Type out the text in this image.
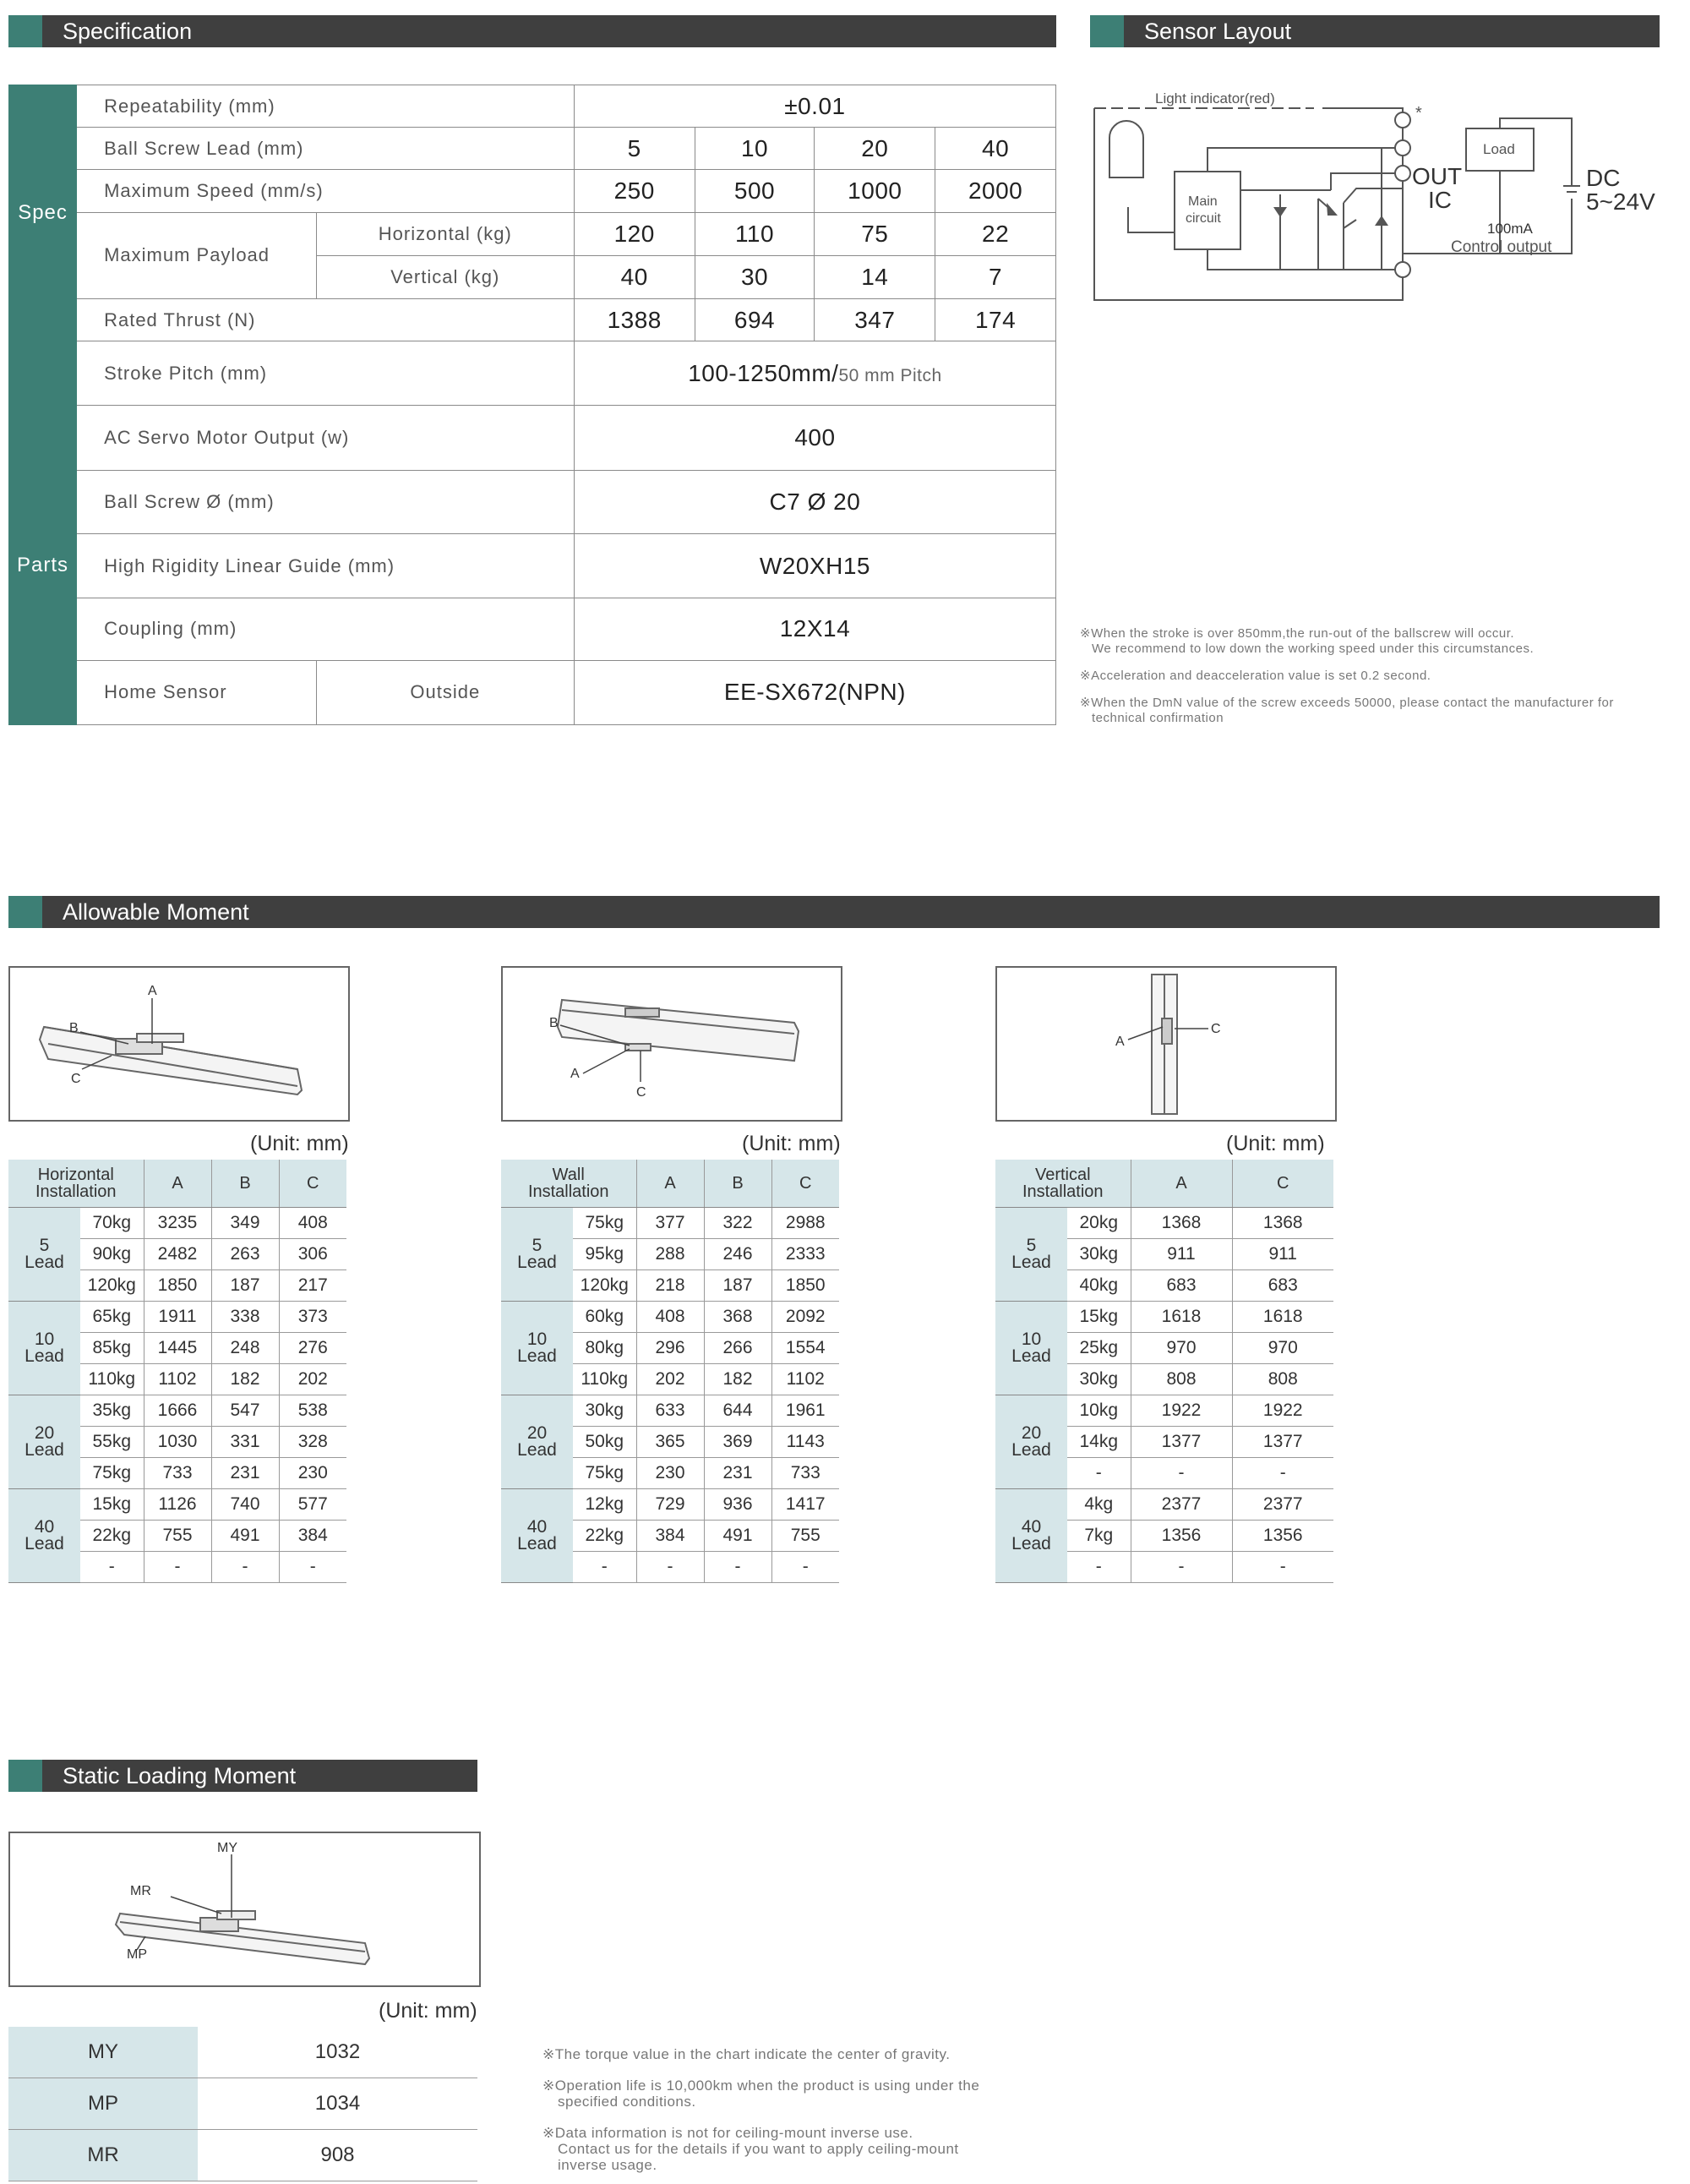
Specification	Sensor Layout
Allowable Moment
Static Loading Moment
Spec	Repeatability (mm)		±0.01			
	Ball Screw Lead (mm)		5	10	20	40
	Maximum Speed (mm/s)		250	500	1000	2000
	Maximum Payload	Horizontal (kg)	120	110	75	22
		Vertical (kg)	40	30	14	7
	Rated Thrust (N)		1388	694	347	174
	Stroke Pitch (mm)		100-1250mm/50 mm Pitch			
	AC Servo Motor Output (w)		400			
Parts	Ball Screw Ø (mm)		C7 Ø 20			
	High Rigidity Linear Guide (mm)		W20XH15			
	Coupling (mm)		12X14			
	Home Sensor	Outside	EE-SX672(NPN)			
Light indicator(red)
Main
circuit
Load
OUT
IC
100mA
Control output
DC
5~24V
*
※When the stroke is over 850mm,the run-out of the ballscrew will occur.
We recommend to low down the working speed under this circumstances.
※Acceleration and deacceleration value is set 0.2 second.
※When the DmN value of the screw exceeds 50000, please contact the manufacturer for
technical confirmation
A
B
C
B
A
C
A
C
(Unit: mm)	(Unit: mm)	(Unit: mm)
Horizontal
Installation		A	B	C

5
Lead	70kg	3235	349	408
	90kg	2482	263	306
	120kg	1850	187	217

10
Lead	65kg	1911	338	373
	85kg	1445	248	276
	110kg	1102	182	202

20
Lead	35kg	1666	547	538
	55kg	1030	331	328
	75kg	733	231	230

40
Lead	15kg	1126	740	577
	22kg	755	491	384
	-	-	-	-
Wall
Installation		A	B	C

5
Lead	75kg	377	322	2988
	95kg	288	246	2333
	120kg	218	187	1850

10
Lead	60kg	408	368	2092
	80kg	296	266	1554
	110kg	202	182	1102

20
Lead	30kg	633	644	1961
	50kg	365	369	1143
	75kg	230	231	733

40
Lead	12kg	729	936	1417
	22kg	384	491	755
	-	-	-	-
Vertical
Installation		A	C

5
Lead	20kg	1368	1368
	30kg	911	911
	40kg	683	683

10
Lead	15kg	1618	1618
	25kg	970	970
	30kg	808	808

20
Lead	10kg	1922	1922
	14kg	1377	1377
	-	-	-

40
Lead	4kg	2377	2377
	7kg	1356	1356
	-	-	-
MY
MR
MP
(Unit: mm)
MY	1032
MP	1034
MR	908
※The torque value in the chart indicate the center of gravity.
※Operation life is 10,000km when the product is using under the
specified conditions.
※Data information is not for ceiling-mount inverse use.
Contact us for the details if you want to apply ceiling-mount
inverse usage.
